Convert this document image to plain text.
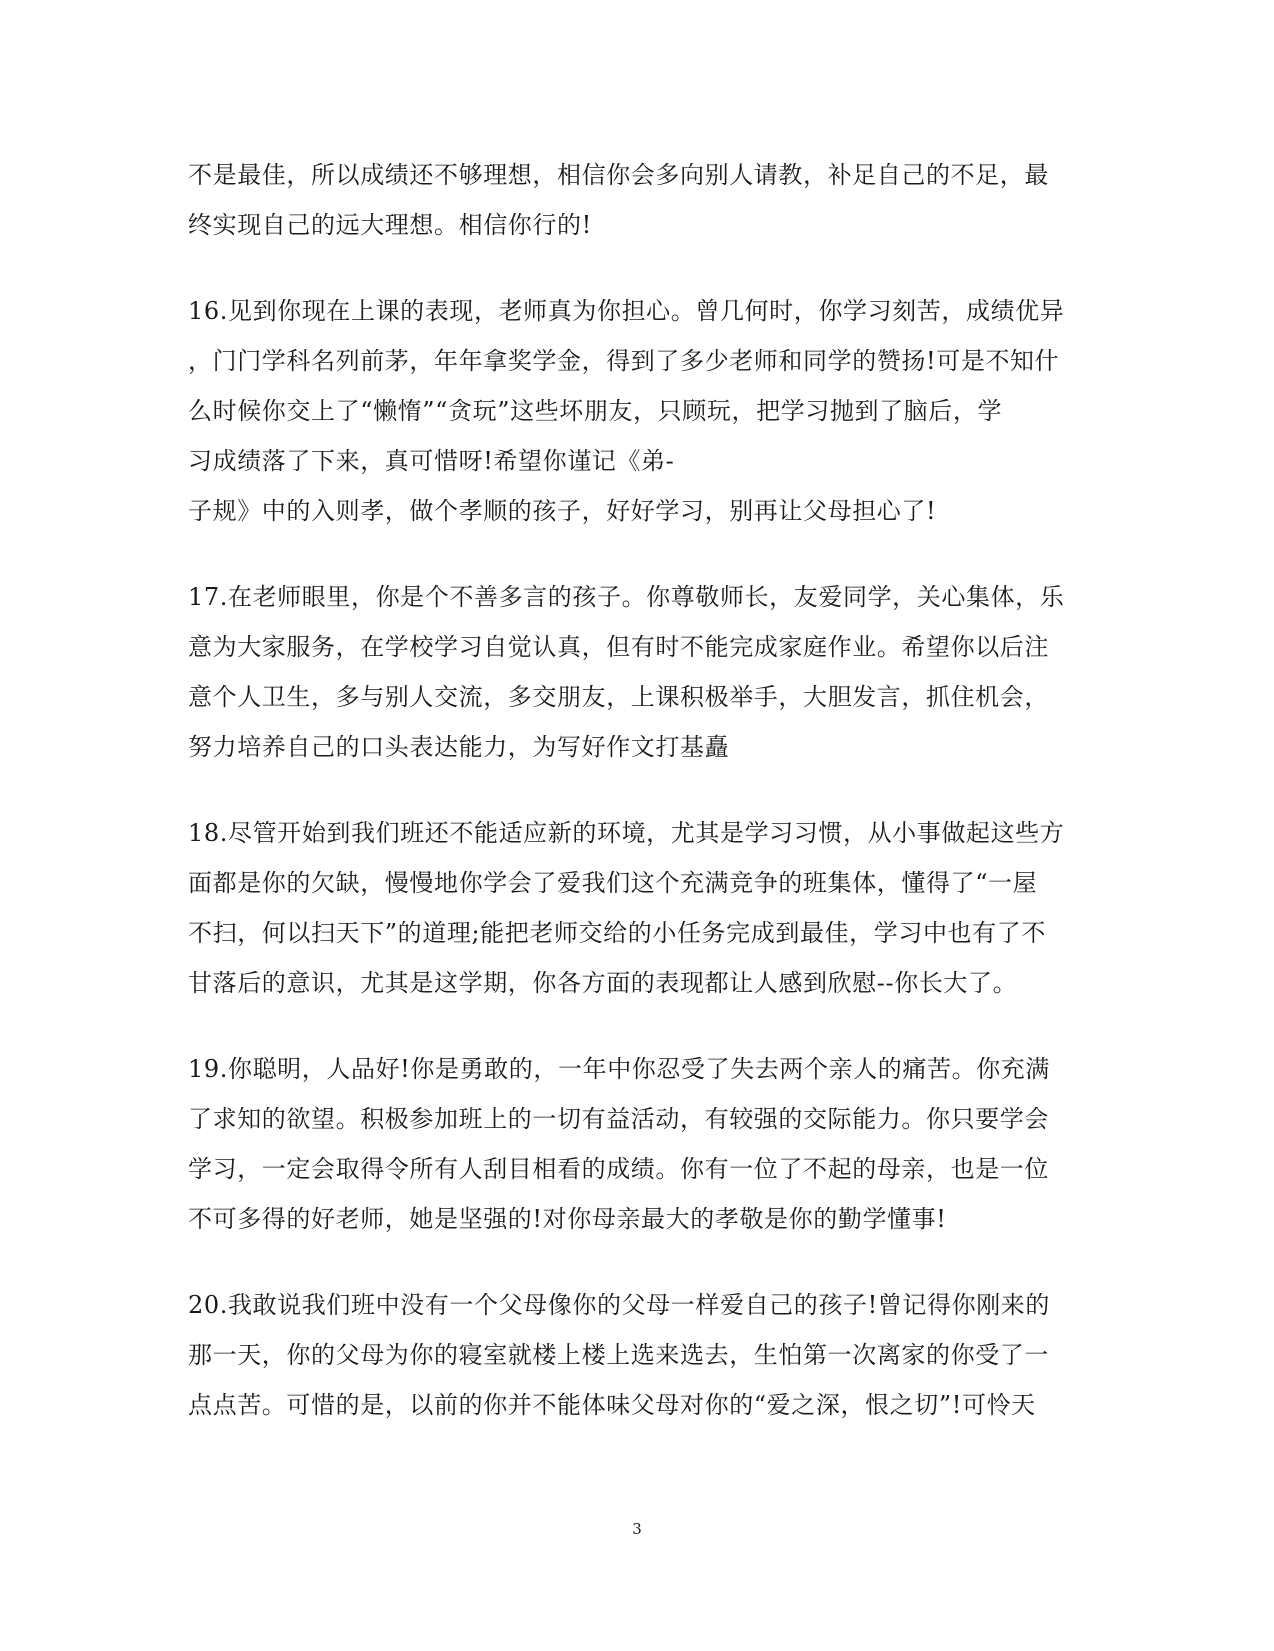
不是最佳，所以成绩还不够理想，相信你会多向别人请教，补足自己的不足，最
终实现自己的远大理想。相信你行的!
16.见到你现在上课的表现，老师真为你担心。曾几何时，你学习刻苦，成绩优异
，门门学科名列前茅，年年拿奖学金，得到了多少老师和同学的赞扬!可是不知什
么时候你交上了“懒惰”“贪玩”这些坏朋友，只顾玩，把学习抛到了脑后，学
习成绩落了下来，真可惜呀!希望你谨记《弟-
子规》中的入则孝，做个孝顺的孩子，好好学习，别再让父母担心了!
17.在老师眼里，你是个不善多言的孩子。你尊敬师长，友爱同学，关心集体，乐
意为大家服务，在学校学习自觉认真，但有时不能完成家庭作业。希望你以后注
意个人卫生，多与别人交流，多交朋友，上课积极举手，大胆发言，抓住机会，
努力培养自己的口头表达能力，为写好作文打基矗
18.尽管开始到我们班还不能适应新的环境，尤其是学习习惯，从小事做起这些方
面都是你的欠缺，慢慢地你学会了爱我们这个充满竞争的班集体，懂得了“一屋
不扫，何以扫天下”的道理;能把老师交给的小任务完成到最佳，学习中也有了不
甘落后的意识，尤其是这学期，你各方面的表现都让人感到欣慰--你长大了。
19.你聪明，人品好!你是勇敢的，一年中你忍受了失去两个亲人的痛苦。你充满
了求知的欲望。积极参加班上的一切有益活动，有较强的交际能力。你只要学会
学习，一定会取得令所有人刮目相看的成绩。你有一位了不起的母亲，也是一位
不可多得的好老师，她是坚强的!对你母亲最大的孝敬是你的勤学懂事!
20.我敢说我们班中没有一个父母像你的父母一样爱自己的孩子!曾记得你刚来的
那一天，你的父母为你的寝室就楼上楼上选来选去，生怕第一次离家的你受了一
点点苦。可惜的是，以前的你并不能体味父母对你的“爱之深，恨之切”!可怜天
3
